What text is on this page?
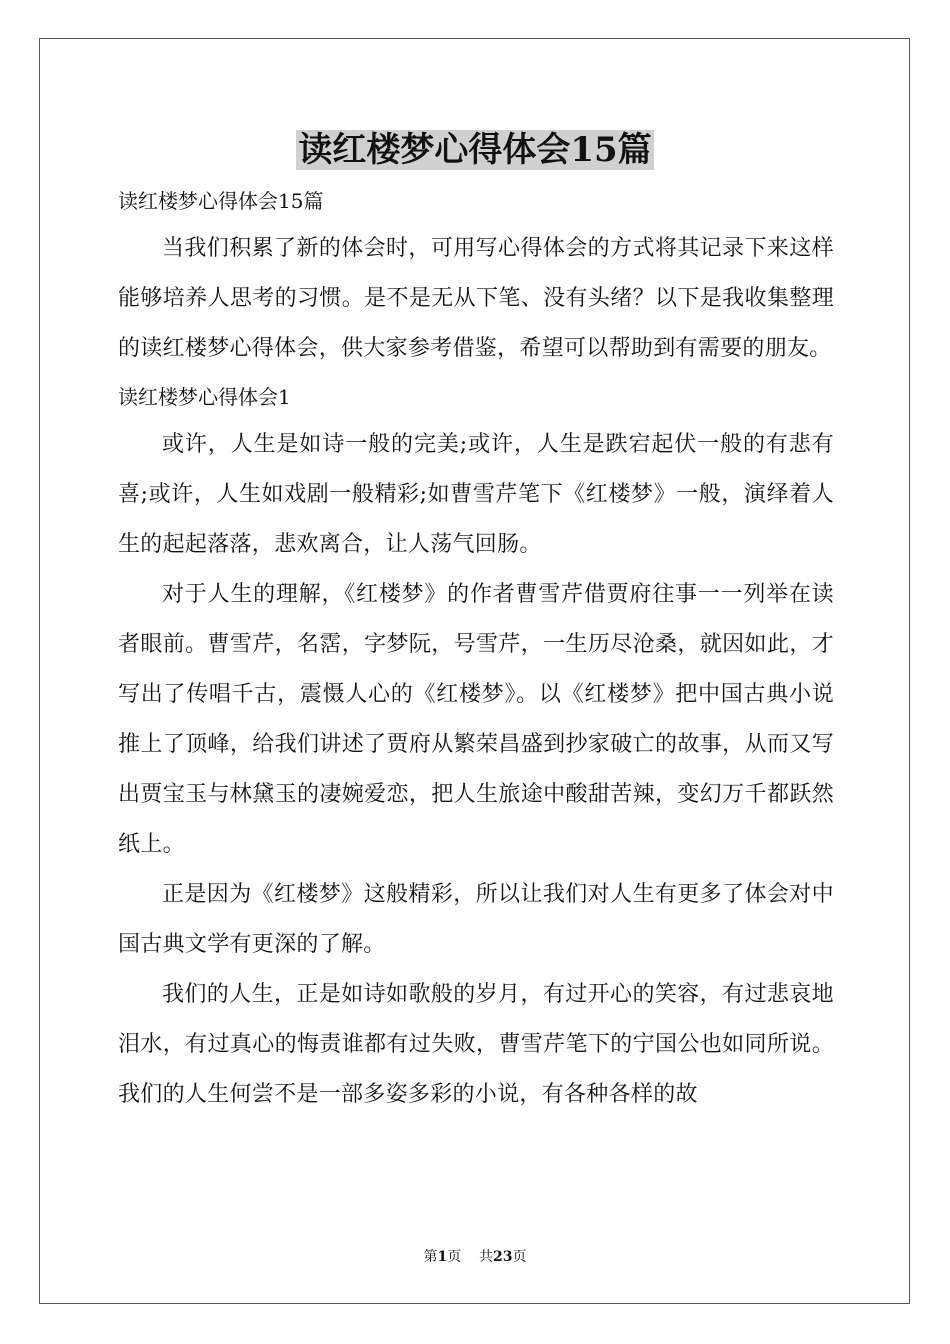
读红楼梦心得体会15篇

读红楼梦心得体会15篇

当我们积累了新的体会时，可用写心得体会的方式将其记录下来这样能够培养人思考的习惯。是不是无从下笔、没有头绪？以下是我收集整理的读红楼梦心得体会，供大家参考借鉴，希望可以帮助到有需要的朋友。

读红楼梦心得体会1

或许，人生是如诗一般的完美;或许，人生是跌宕起伏一般的有悲有喜;或许，人生如戏剧一般精彩;如曹雪芹笔下《红楼梦》一般，演绎着人生的起起落落，悲欢离合，让人荡气回肠。

对于人生的理解，《红楼梦》的作者曹雪芹借贾府往事一一列举在读者眼前。曹雪芹，名霑，字梦阮，号雪芹，一生历尽沧桑，就因如此，才写出了传唱千古，震慑人心的《红楼梦》。以《红楼梦》把中国古典小说推上了顶峰，给我们讲述了贾府从繁荣昌盛到抄家破亡的故事，从而又写出贾宝玉与林黛玉的凄婉爱恋，把人生旅途中酸甜苦辣，变幻万千都跃然纸上。

正是因为《红楼梦》这般精彩，所以让我们对人生有更多了体会对中国古典文学有更深的了解。

我们的人生，正是如诗如歌般的岁月，有过开心的笑容，有过悲哀地泪水，有过真心的悔责谁都有过失败，曹雪芹笔下的宁国公也如同所说。我们的人生何尝不是一部多姿多彩的小说，有各种各样的故

第1页 共23页
